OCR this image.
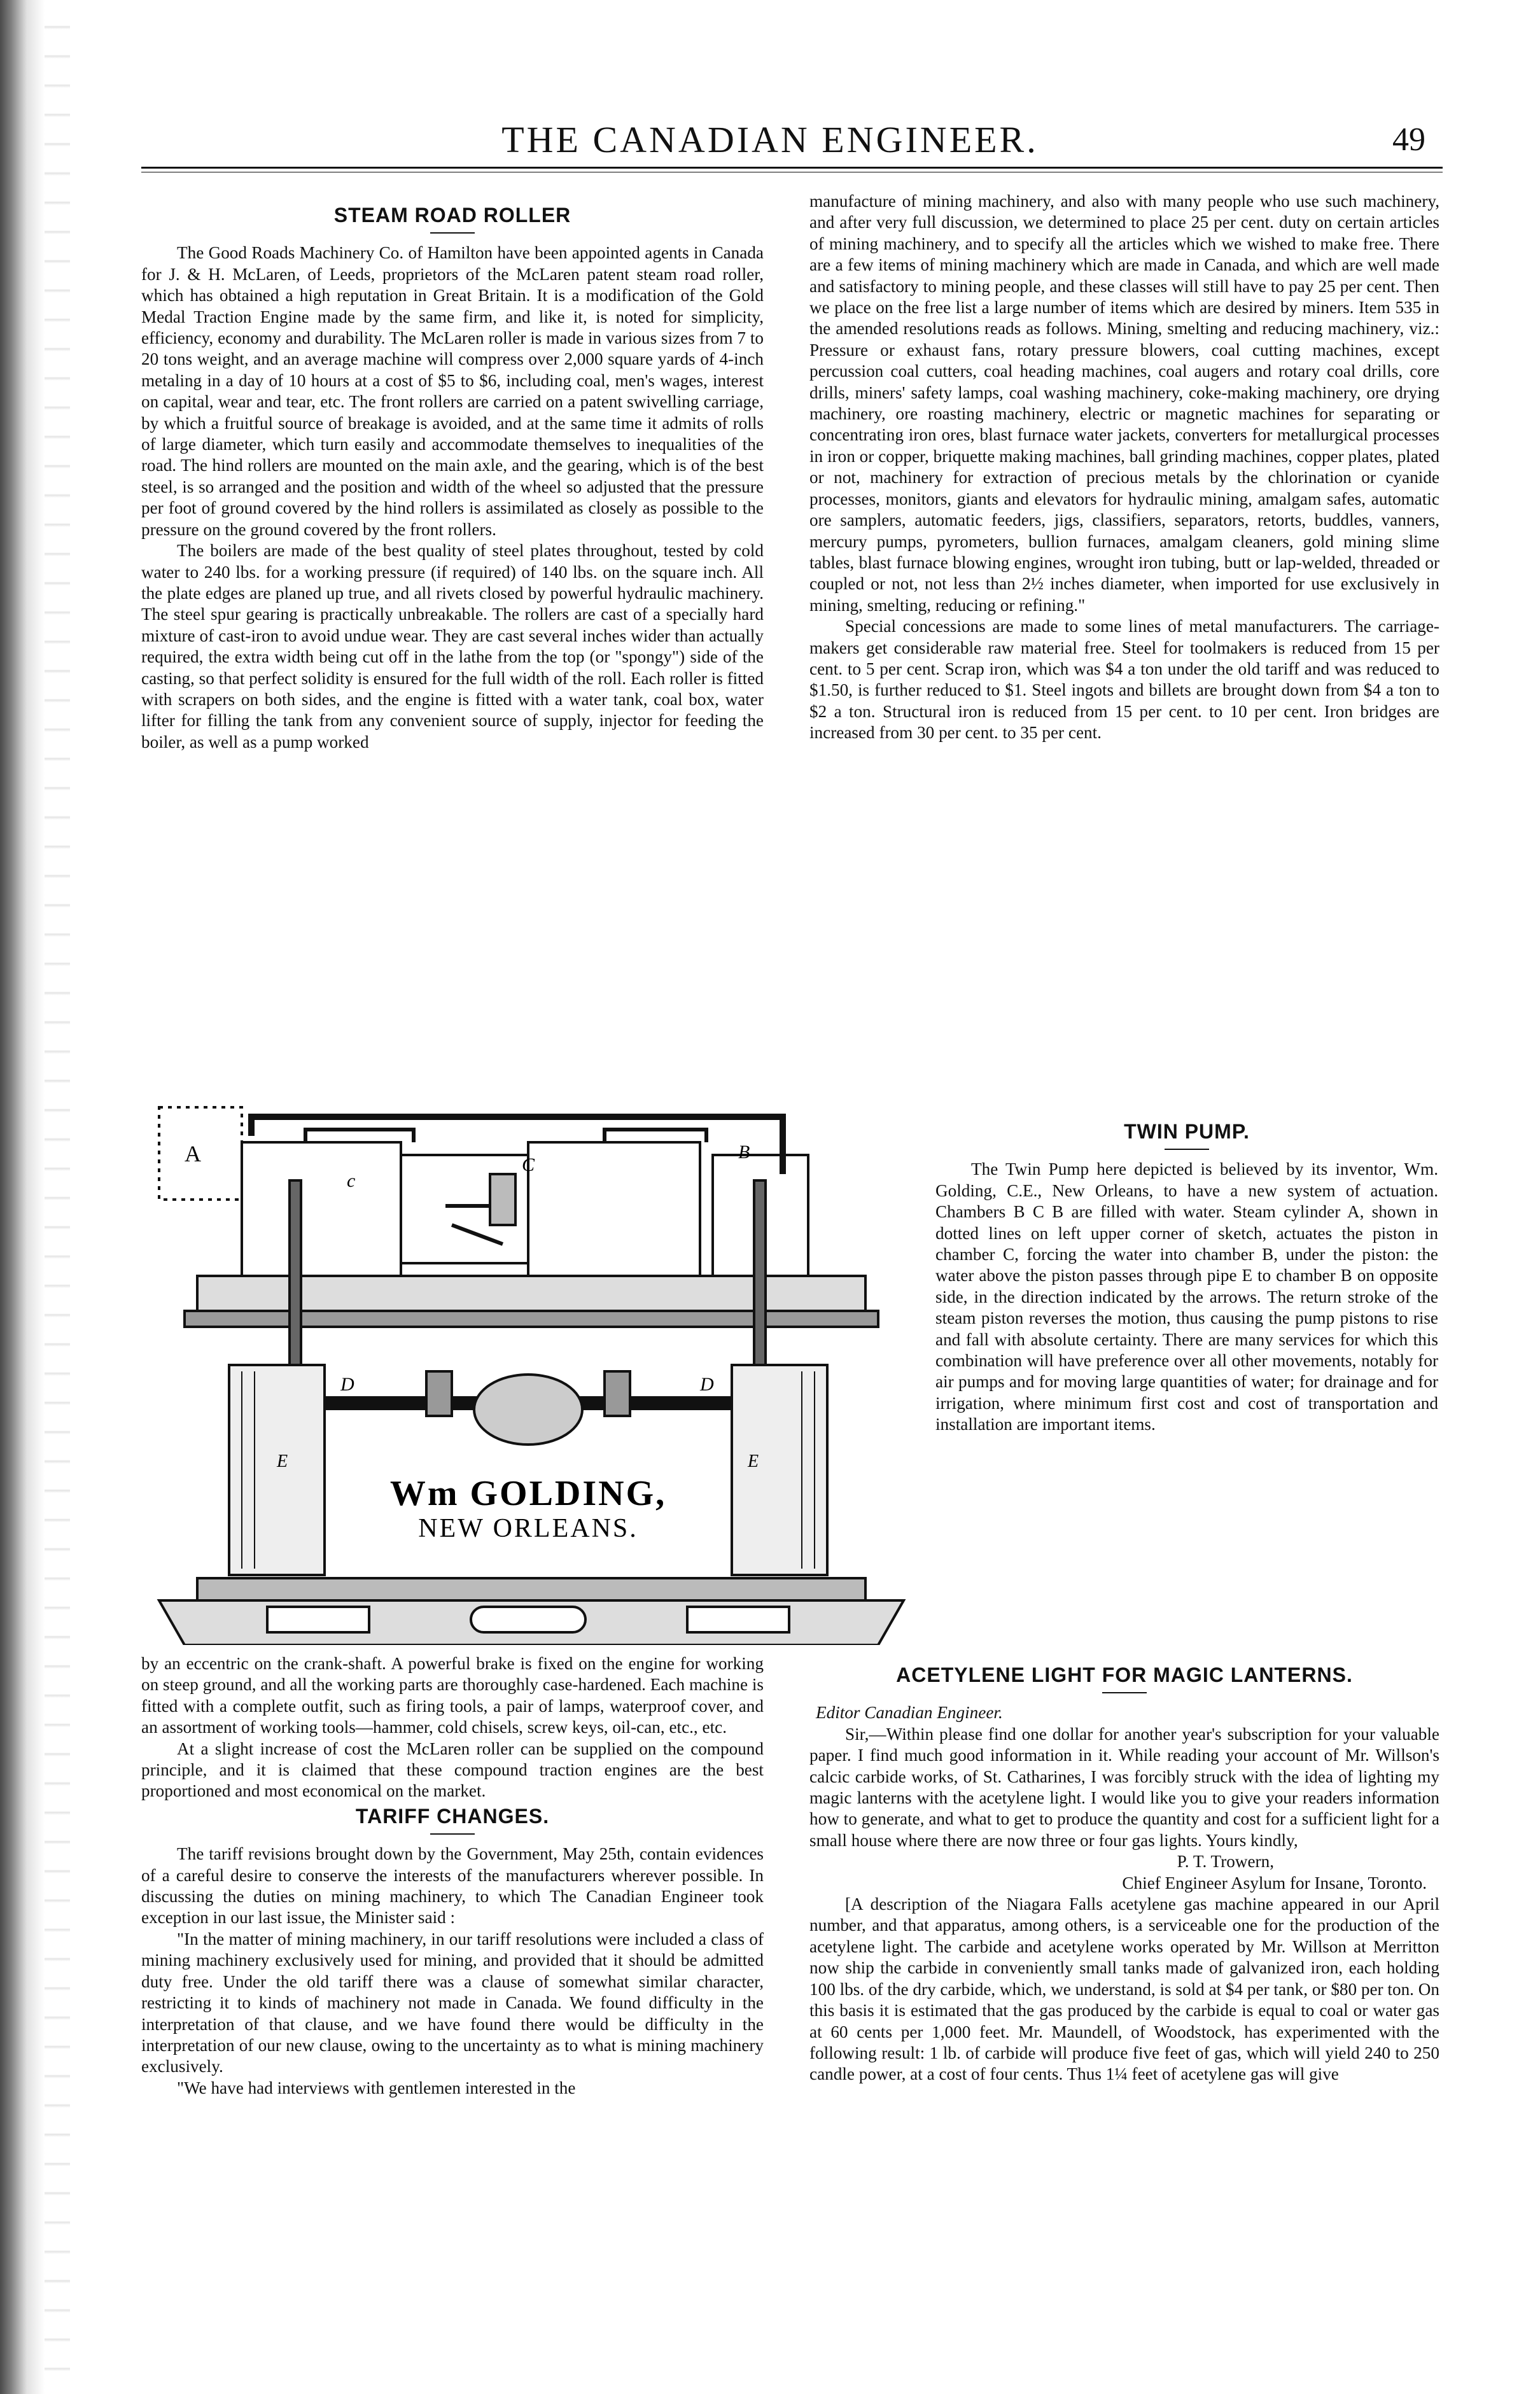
THE CANADIAN ENGINEER.	49
STEAM ROAD ROLLER

The Good Roads Machinery Co. of Hamilton have been appointed agents in Canada for J. & H. McLaren, of Leeds, proprietors of the McLaren patent steam road roller, which has obtained a high reputation in Great Britain. It is a modification of the Gold Medal Traction Engine made by the same firm, and like it, is noted for simplicity, efficiency, economy and durability. The McLaren roller is made in various sizes from 7 to 20 tons weight, and an average machine will compress over 2,000 square yards of 4-inch metaling in a day of 10 hours at a cost of $5 to $6, including coal, men's wages, interest on capital, wear and tear, etc. The front rollers are carried on a patent swivelling carriage, by which a fruitful source of breakage is avoided, and at the same time it admits of rolls of large diameter, which turn easily and accommodate themselves to inequalities of the road. The hind rollers are mounted on the main axle, and the gearing, which is of the best steel, is so arranged and the position and width of the wheel so adjusted that the pressure per foot of ground covered by the hind rollers is assimilated as closely as possible to the pressure on the ground covered by the front rollers.

The boilers are made of the best quality of steel plates throughout, tested by cold water to 240 lbs. for a working pressure (if required) of 140 lbs. on the square inch. All the plate edges are planed up true, and all rivets closed by powerful hydraulic machinery. The steel spur gearing is practically unbreakable. The rollers are cast of a specially hard mixture of cast-iron to avoid undue wear. They are cast several inches wider than actually required, the extra width being cut off in the lathe from the top (or "spongy") side of the casting, so that perfect solidity is ensured for the full width of the roll. Each roller is fitted with scrapers on both sides, and the engine is fitted with a water tank, coal box, water lifter for filling the tank from any convenient source of supply, injector for feeding the boiler, as well as a pump worked

manufacture of mining machinery, and also with many people who use such machinery, and after very full discussion, we determined to place 25 per cent. duty on certain articles of mining machinery, and to specify all the articles which we wished to make free. There are a few items of mining machinery which are made in Canada, and which are well made and satisfactory to mining people, and these classes will still have to pay 25 per cent. Then we place on the free list a large number of items which are desired by miners. Item 535 in the amended resolutions reads as follows. Mining, smelting and reducing machinery, viz.: Pressure or exhaust fans, rotary pressure blowers, coal cutting machines, except percussion coal cutters, coal heading machines, coal augers and rotary coal drills, core drills, miners' safety lamps, coal washing machinery, coke-making machinery, ore drying machinery, ore roasting machinery, electric or magnetic machines for separating or concentrating iron ores, blast furnace water jackets, converters for metallurgical processes in iron or copper, briquette making machines, ball grinding machines, copper plates, plated or not, machinery for extraction of precious metals by the chlorination or cyanide processes, monitors, giants and elevators for hydraulic mining, amalgam safes, automatic ore samplers, automatic feeders, jigs, classifiers, separators, retorts, buddles, vanners, mercury pumps, pyrometers, bullion furnaces, amalgam cleaners, gold mining slime tables, blast furnace blowing engines, wrought iron tubing, butt or lap-welded, threaded or coupled or not, not less than 2½ inches diameter, when imported for use exclusively in mining, smelting, reducing or refining."

Special concessions are made to some lines of metal manufacturers. The carriage-makers get considerable raw material free. Steel for toolmakers is reduced from 15 per cent. to 5 per cent. Scrap iron, which was $4 a ton under the old tariff and was reduced to $1.50, is further reduced to $1. Steel ingots and billets are brought down from $4 a ton to $2 a ton. Structural iron is reduced from 15 per cent. to 10 per cent. Iron bridges are increased from 30 per cent. to 35 per cent.

A
c
C
B
D	D
E	E
Wm GOLDING,
NEW ORLEANS.
TWIN PUMP.

The Twin Pump here depicted is believed by its inventor, Wm. Golding, C.E., New Orleans, to have a new system of actuation. Chambers B C B are filled with water. Steam cylinder A, shown in dotted lines on left upper corner of sketch, actuates the piston in chamber C, forcing the water into chamber B, under the piston: the water above the piston passes through pipe E to chamber B on opposite side, in the direction indicated by the arrows. The return stroke of the steam piston reverses the motion, thus causing the pump pistons to rise and fall with absolute certainty. There are many services for which this combination will have preference over all other movements, notably for air pumps and for moving large quantities of water; for drainage and for irrigation, where minimum first cost and cost of transportation and installation are important items.

by an eccentric on the crank-shaft. A powerful brake is fixed on the engine for working on steep ground, and all the working parts are thoroughly case-hardened. Each machine is fitted with a complete outfit, such as firing tools, a pair of lamps, waterproof cover, and an assortment of working tools—hammer, cold chisels, screw keys, oil-can, etc., etc.

At a slight increase of cost the McLaren roller can be supplied on the compound principle, and it is claimed that these compound traction engines are the best proportioned and most economical on the market.

TARIFF CHANGES.

The tariff revisions brought down by the Government, May 25th, contain evidences of a careful desire to conserve the interests of the manufacturers wherever possible. In discussing the duties on mining machinery, to which The Canadian Engineer took exception in our last issue, the Minister said :

"In the matter of mining machinery, in our tariff resolutions were included a class of mining machinery exclusively used for mining, and provided that it should be admitted duty free. Under the old tariff there was a clause of somewhat similar character, restricting it to kinds of machinery not made in Canada. We found difficulty in the interpretation of that clause, and we have found there would be difficulty in the interpretation of our new clause, owing to the uncertainty as to what is mining machinery exclusively.

"We have had interviews with gentlemen interested in the

ACETYLENE LIGHT FOR MAGIC LANTERNS.

Editor Canadian Engineer.

Sir,—Within please find one dollar for another year's subscription for your valuable paper. I find much good information in it. While reading your account of Mr. Willson's calcic carbide works, of St. Catharines, I was forcibly struck with the idea of lighting my magic lanterns with the acetylene light. I would like you to give your readers information how to generate, and what to get to produce the quantity and cost for a sufficient light for a small house where there are now three or four gas lights. Yours kindly,

P. T. Trowern,

Chief Engineer Asylum for Insane, Toronto.

[A description of the Niagara Falls acetylene gas machine appeared in our April number, and that apparatus, among others, is a serviceable one for the production of the acetylene light. The carbide and acetylene works operated by Mr. Willson at Merritton now ship the carbide in conveniently small tanks made of galvanized iron, each holding 100 lbs. of the dry carbide, which, we understand, is sold at $4 per tank, or $80 per ton. On this basis it is estimated that the gas produced by the carbide is equal to coal or water gas at 60 cents per 1,000 feet. Mr. Maundell, of Woodstock, has experimented with the following result: 1 lb. of carbide will produce five feet of gas, which will yield 240 to 250 candle power, at a cost of four cents. Thus 1¼ feet of acetylene gas will give
